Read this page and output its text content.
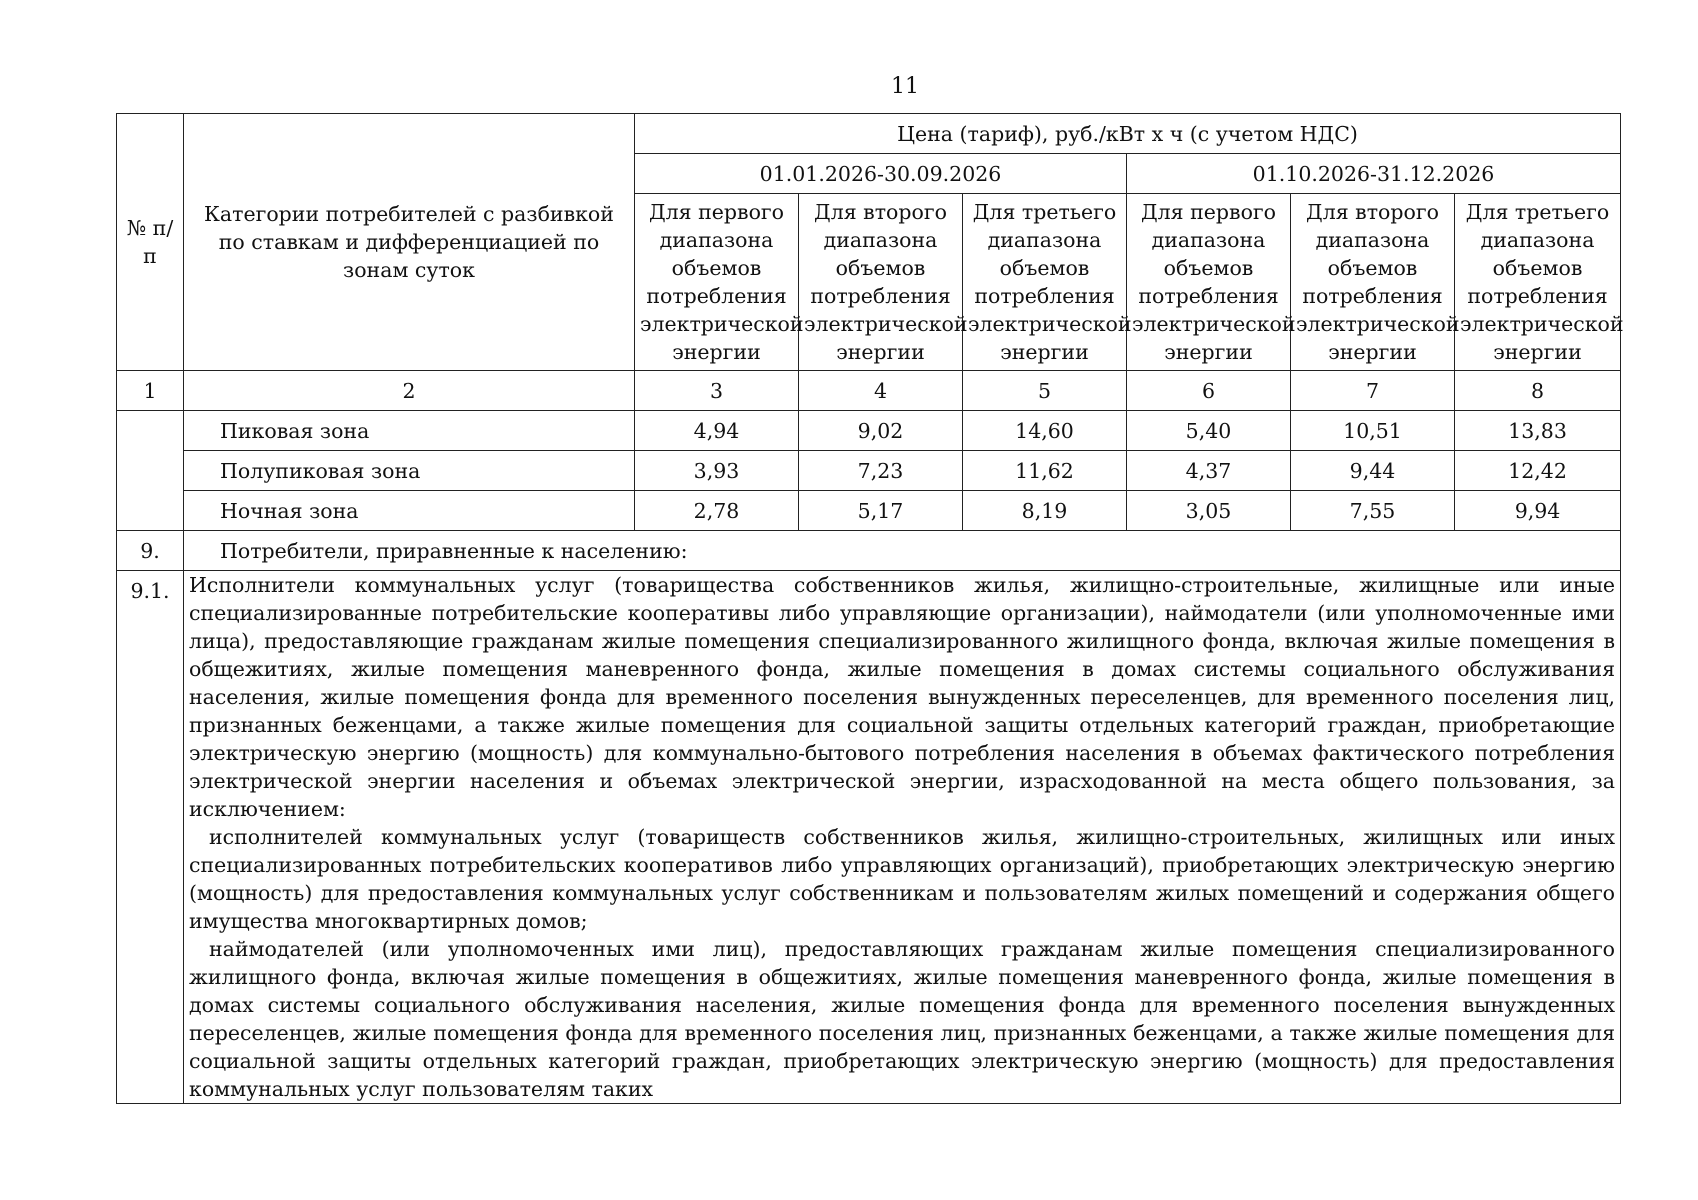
11
№ п/п	Категории потребителей с разбивкой по ставкам и дифференциацией по зонам суток	Цена (тариф), руб./кВт х ч (с учетом НДС)					
		01.01.2026-30.09.2026			01.10.2026-31.12.2026		
		Для первого диапазона объемов потребления электрической энергии	Для второго диапазона объемов потребления электрической энергии	Для третьего диапазона объемов потребления электрической энергии	Для первого диапазона объемов потребления электрической энергии	Для второго диапазона объемов потребления электрической энергии	Для третьего диапазона объемов потребления электрической энергии
1	2	3	4	5	6	7	8
	Пиковая зона	4,94	9,02	14,60	5,40	10,51	13,83
	Полупиковая зона	3,93	7,23	11,62	4,37	9,44	12,42
	Ночная зона	2,78	5,17	8,19	3,05	7,55	9,94
9.	Потребители, приравненные к населению:						
9.1.	Исполнители коммунальных услуг (товарищества собственников жилья, жилищно-строительные, жилищные или иные специализированные потребительские кооперативы либо управляющие организации), наймодатели (или уполномоченные ими лица), предоставляющие гражданам жилые помещения специализированного жилищного фонда, включая жилые помещения в общежитиях, жилые помещения маневренного фонда, жилые помещения в домах системы социального обслуживания населения, жилые помещения фонда для временного поселения вынужденных переселенцев, для временного поселения лиц, признанных беженцами, а также жилые помещения для социальной защиты отдельных категорий граждан, приобретающие электрическую энергию (мощность) для коммунально-бытового потребления населения в объемах фактического потребления электрической энергии населения и объемах электрической энергии, израсходованной на места общего пользования, за исключением:

исполнителей коммунальных услуг (товариществ собственников жилья, жилищно-строительных, жилищных или иных специализированных потребительских кооперативов либо управляющих организаций), приобретающих электрическую энергию (мощность) для предоставления коммунальных услуг собственникам и пользователям жилых помещений и содержания общего имущества многоквартирных домов;

наймодателей (или уполномоченных ими лиц), предоставляющих гражданам жилые помещения специализированного жилищного фонда, включая жилые помещения в общежитиях, жилые помещения маневренного фонда, жилые помещения в домах системы социального обслуживания населения, жилые помещения фонда для временного поселения вынужденных переселенцев, жилые помещения фонда для временного поселения лиц, признанных беженцами, а также жилые помещения для социальной защиты отдельных категорий граждан, приобретающих электрическую энергию (мощность) для предоставления коммунальных услуг пользователям таких						
